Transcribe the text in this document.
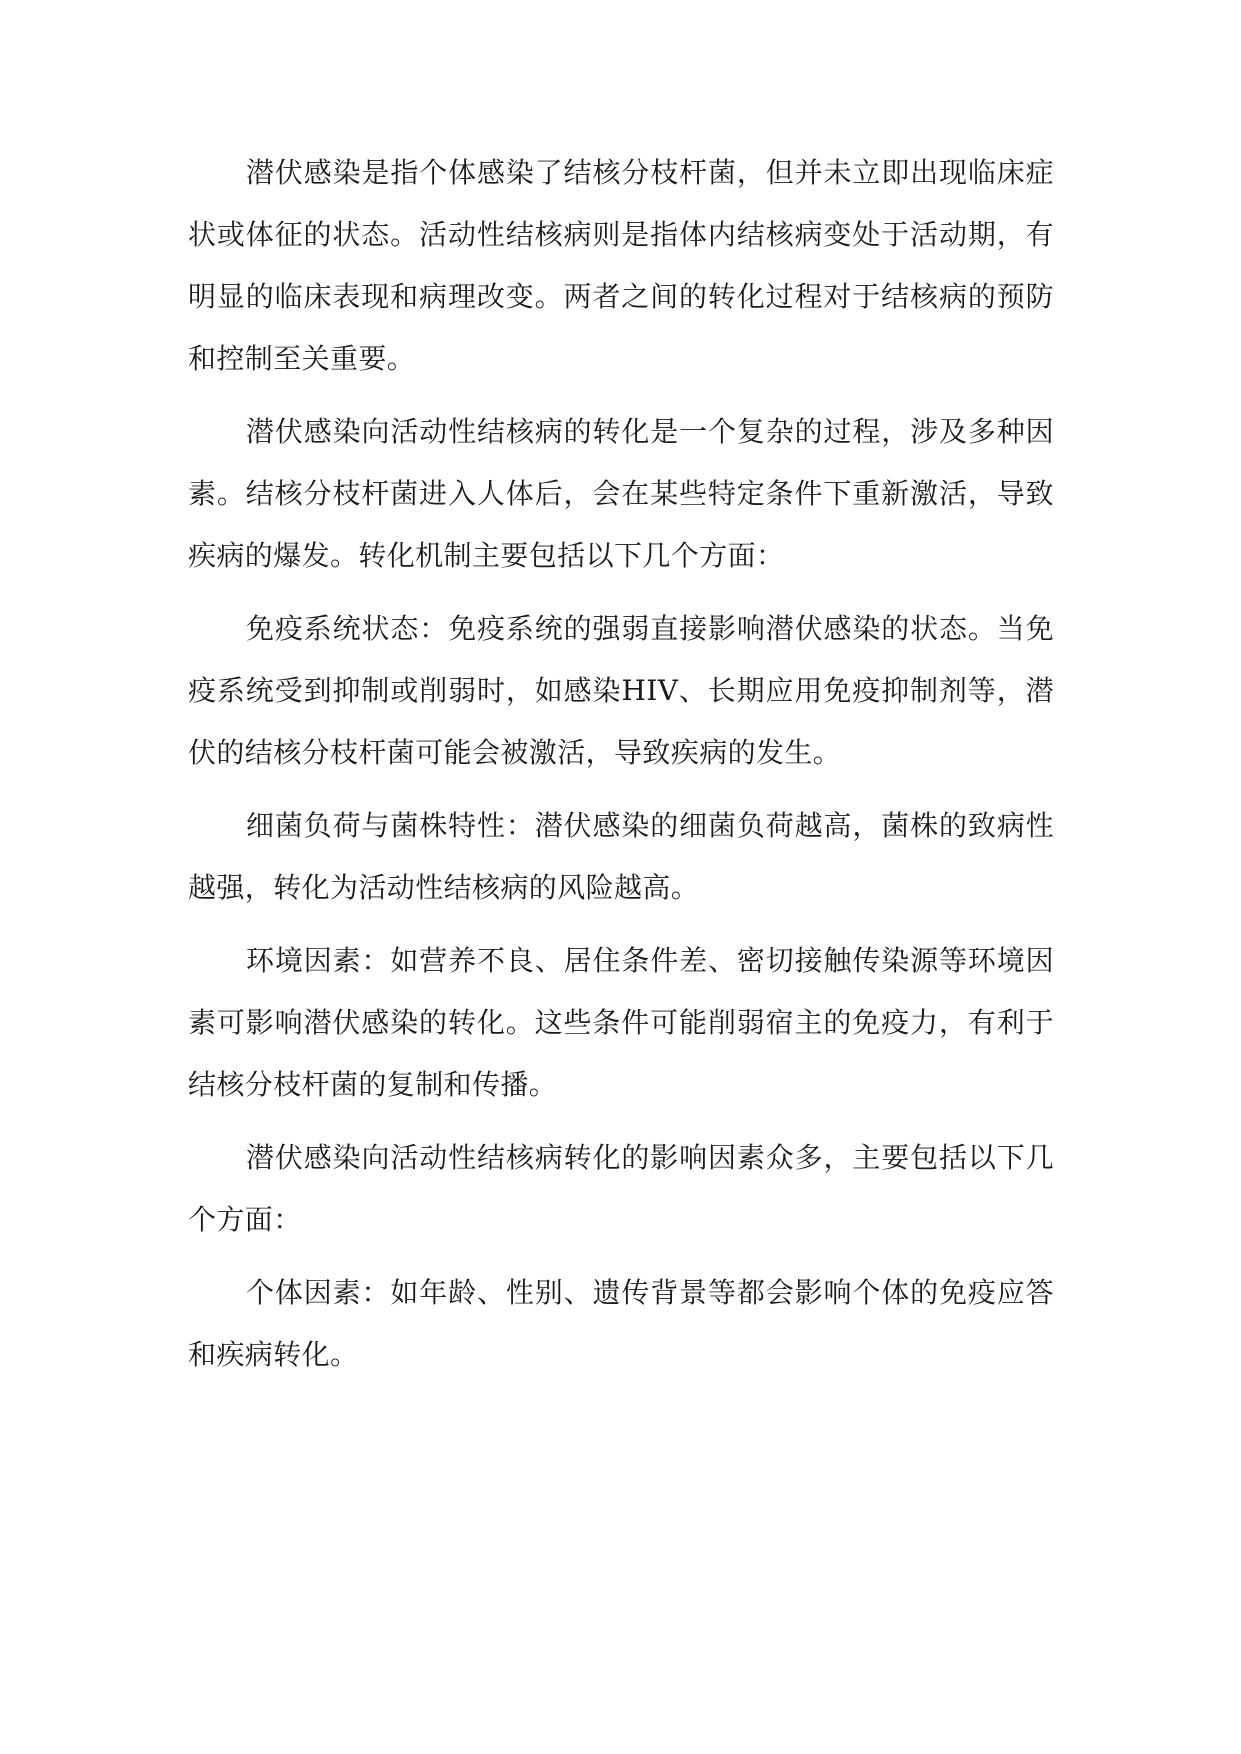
潜伏感染是指个体感染了结核分枝杆菌，但并未立即出现临床症状或体征的状态。活动性结核病则是指体内结核病变处于活动期，有明显的临床表现和病理改变。两者之间的转化过程对于结核病的预防和控制至关重要。

潜伏感染向活动性结核病的转化是一个复杂的过程，涉及多种因素。结核分枝杆菌进入人体后，会在某些特定条件下重新激活，导致疾病的爆发。转化机制主要包括以下几个方面：

免疫系统状态：免疫系统的强弱直接影响潜伏感染的状态。当免疫系统受到抑制或削弱时，如感染HIV、长期应用免疫抑制剂等，潜伏的结核分枝杆菌可能会被激活，导致疾病的发生。

细菌负荷与菌株特性：潜伏感染的细菌负荷越高，菌株的致病性越强，转化为活动性结核病的风险越高。

环境因素：如营养不良、居住条件差、密切接触传染源等环境因素可影响潜伏感染的转化。这些条件可能削弱宿主的免疫力，有利于结核分枝杆菌的复制和传播。

潜伏感染向活动性结核病转化的影响因素众多，主要包括以下几个方面：

个体因素：如年龄、性别、遗传背景等都会影响个体的免疫应答和疾病转化。
